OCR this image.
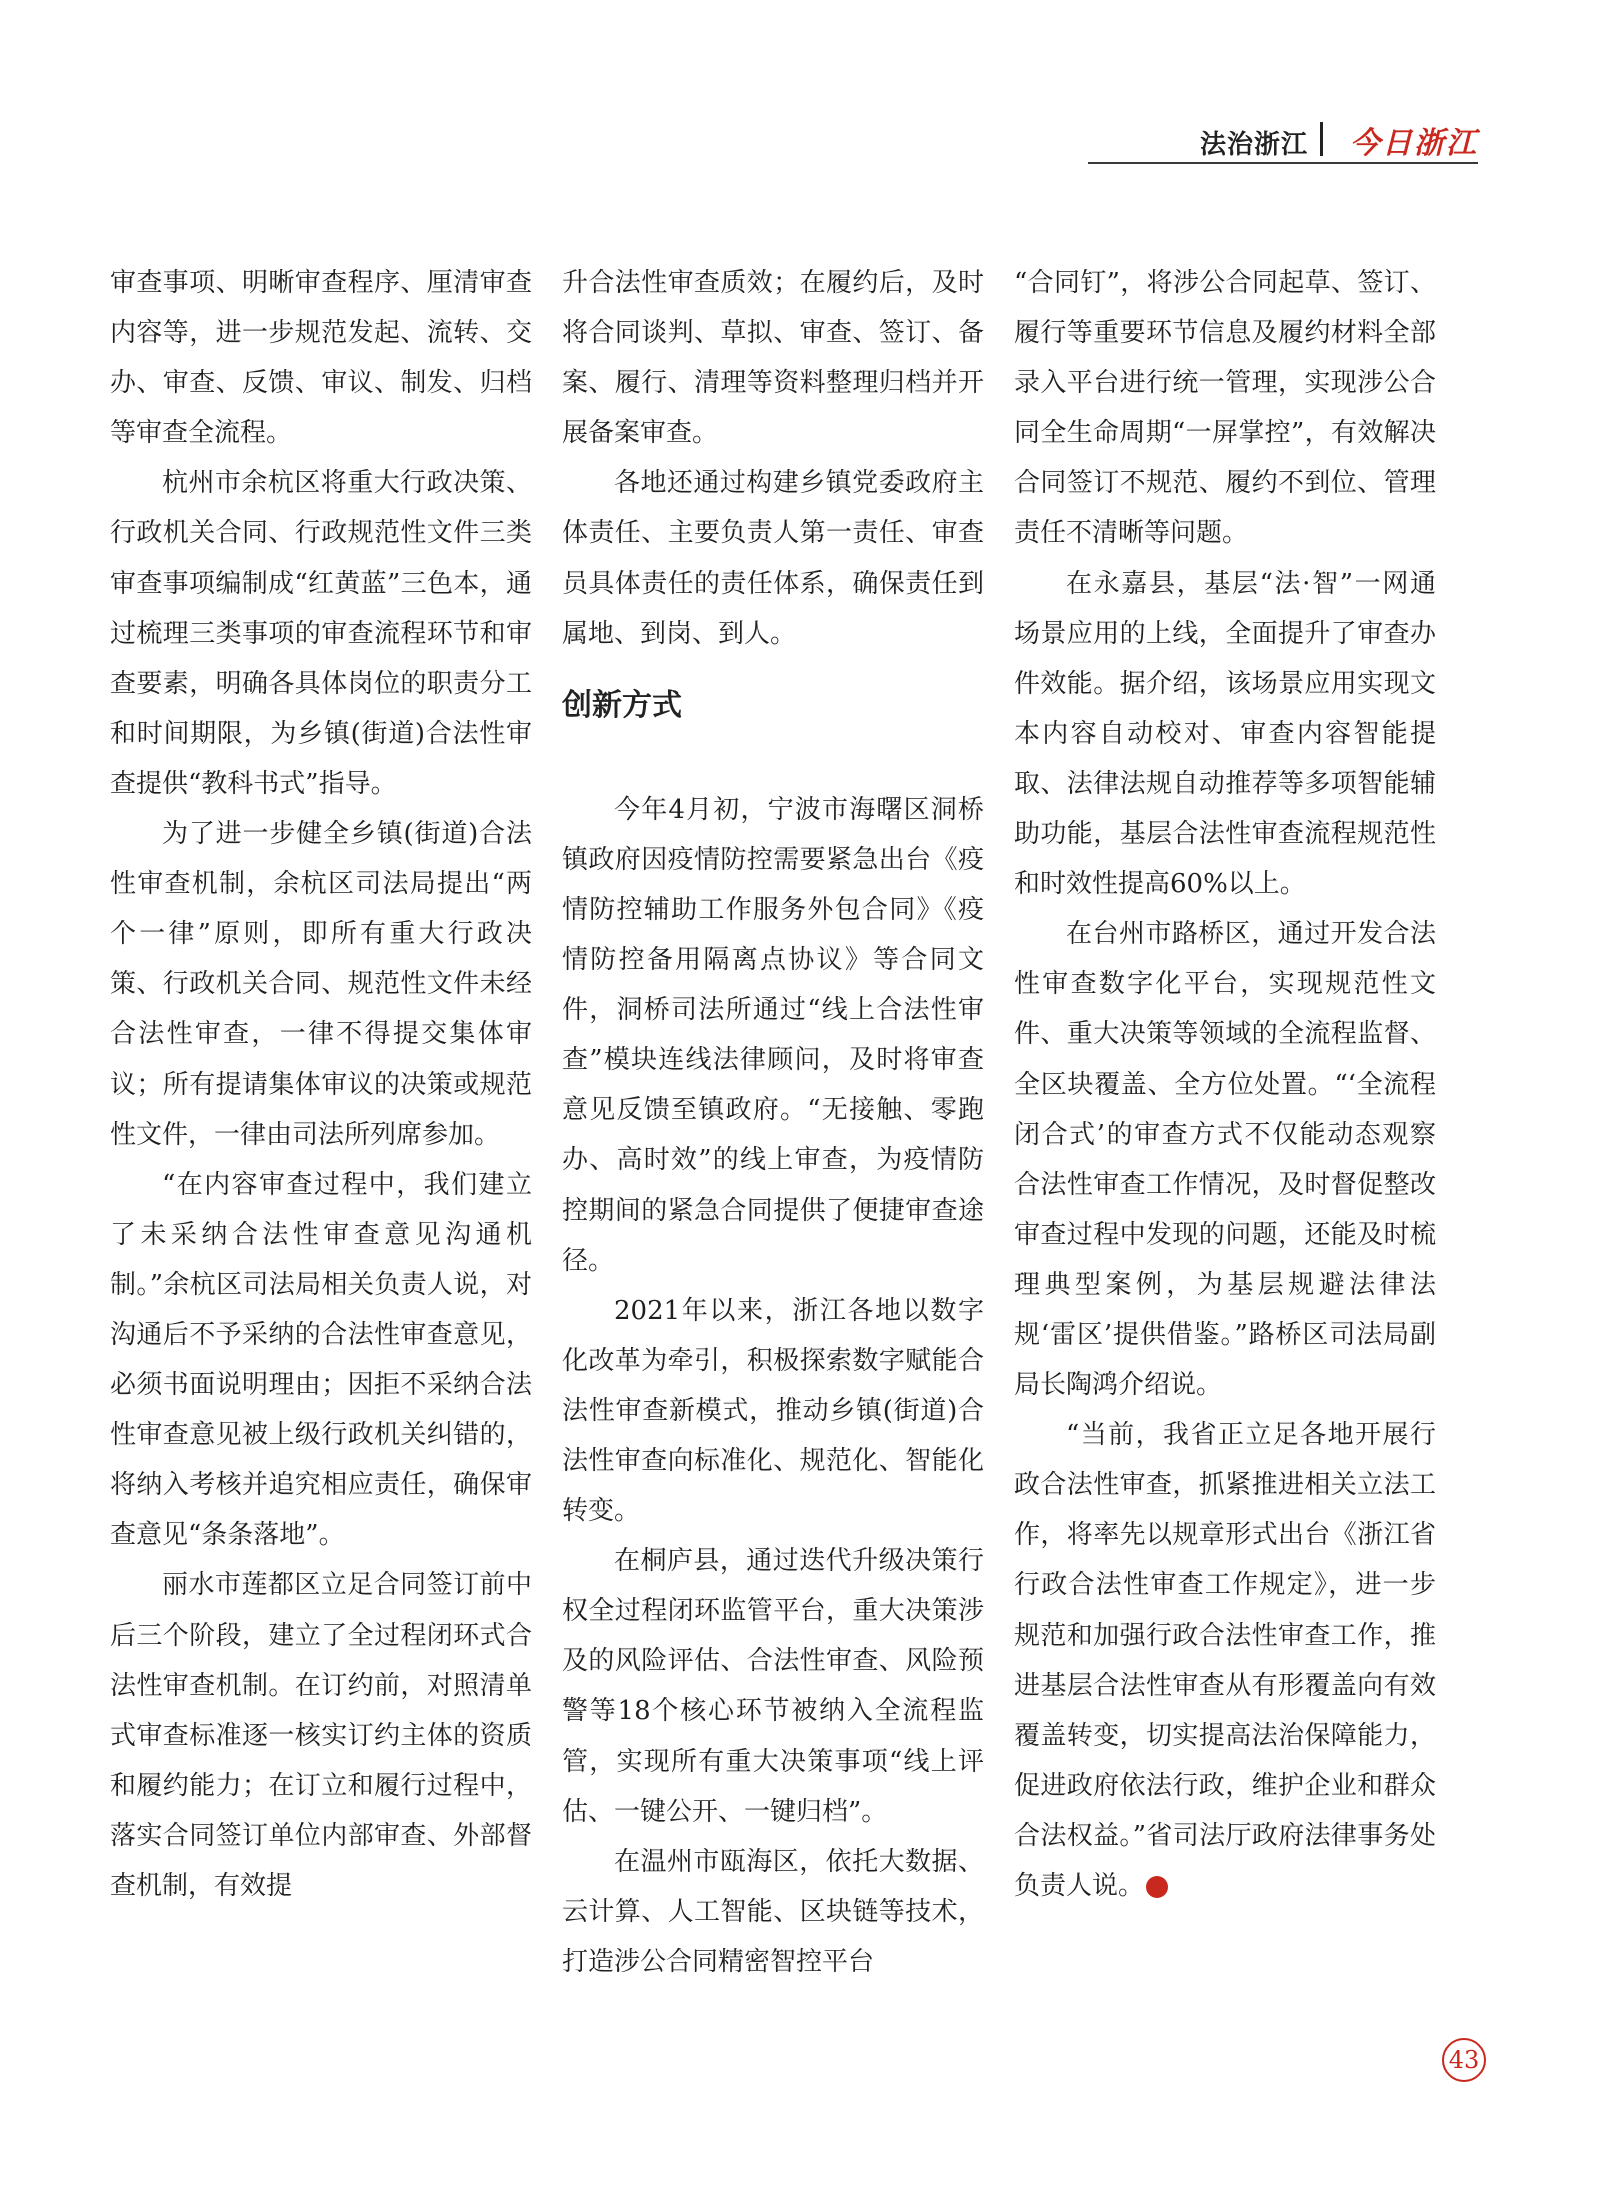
法治浙江 今日浙江

审查事项、明晰审查程序、厘清审查内容等，进一步规范发起、流转、交办、审查、反馈、审议、制发、归档等审查全流程。

杭州市余杭区将重大行政决策、行政机关合同、行政规范性文件三类审查事项编制成“红黄蓝”三色本，通过梳理三类事项的审查流程环节和审查要素，明确各具体岗位的职责分工和时间期限，为乡镇(街道)合法性审查提供“教科书式”指导。

为了进一步健全乡镇(街道)合法性审查机制，余杭区司法局提出“两个一律”原则，即所有重大行政决策、行政机关合同、规范性文件未经合法性审查，一律不得提交集体审议；所有提请集体审议的决策或规范性文件，一律由司法所列席参加。

“在内容审查过程中，我们建立了未采纳合法性审查意见沟通机制。”余杭区司法局相关负责人说，对沟通后不予采纳的合法性审查意见，必须书面说明理由；因拒不采纳合法性审查意见被上级行政机关纠错的，将纳入考核并追究相应责任，确保审查意见“条条落地”。

丽水市莲都区立足合同签订前中后三个阶段，建立了全过程闭环式合法性审查机制。在订约前，对照清单式审查标准逐一核实订约主体的资质和履约能力；在订立和履行过程中，落实合同签订单位内部审查、外部督查机制，有效提

升合法性审查质效；在履约后，及时将合同谈判、草拟、审查、签订、备案、履行、清理等资料整理归档并开展备案审查。

各地还通过构建乡镇党委政府主体责任、主要负责人第一责任、审查员具体责任的责任体系，确保责任到属地、到岗、到人。

创新方式

今年4月初，宁波市海曙区洞桥镇政府因疫情防控需要紧急出台《疫情防控辅助工作服务外包合同》《疫情防控备用隔离点协议》等合同文件，洞桥司法所通过“线上合法性审查”模块连线法律顾问，及时将审查意见反馈至镇政府。“无接触、零跑办、高时效”的线上审查，为疫情防控期间的紧急合同提供了便捷审查途径。

2021年以来，浙江各地以数字化改革为牵引，积极探索数字赋能合法性审查新模式，推动乡镇(街道)合法性审查向标准化、规范化、智能化转变。

在桐庐县，通过迭代升级决策行权全过程闭环监管平台，重大决策涉及的风险评估、合法性审查、风险预警等18个核心环节被纳入全流程监管，实现所有重大决策事项“线上评估、一键公开、一键归档”。

在温州市瓯海区，依托大数据、云计算、人工智能、区块链等技术，打造涉公合同精密智控平台

“合同钉”，将涉公合同起草、签订、履行等重要环节信息及履约材料全部录入平台进行统一管理，实现涉公合同全生命周期“一屏掌控”，有效解决合同签订不规范、履约不到位、管理责任不清晰等问题。

在永嘉县，基层“法·智”一网通场景应用的上线，全面提升了审查办件效能。据介绍，该场景应用实现文本内容自动校对、审查内容智能提取、法律法规自动推荐等多项智能辅助功能，基层合法性审查流程规范性和时效性提高60%以上。

在台州市路桥区，通过开发合法性审查数字化平台，实现规范性文件、重大决策等领域的全流程监督、全区块覆盖、全方位处置。“‘全流程闭合式’的审查方式不仅能动态观察合法性审查工作情况，及时督促整改审查过程中发现的问题，还能及时梳理典型案例，为基层规避法律法规‘雷区’提供借鉴。”路桥区司法局副局长陶鸿介绍说。

“当前，我省正立足各地开展行政合法性审查，抓紧推进相关立法工作，将率先以规章形式出台《浙江省行政合法性审查工作规定》，进一步规范和加强行政合法性审查工作，推进基层合法性审查从有形覆盖向有效覆盖转变，切实提高法治保障能力，促进政府依法行政，维护企业和群众合法权益。”省司法厅政府法律事务处负责人说。	今

43
